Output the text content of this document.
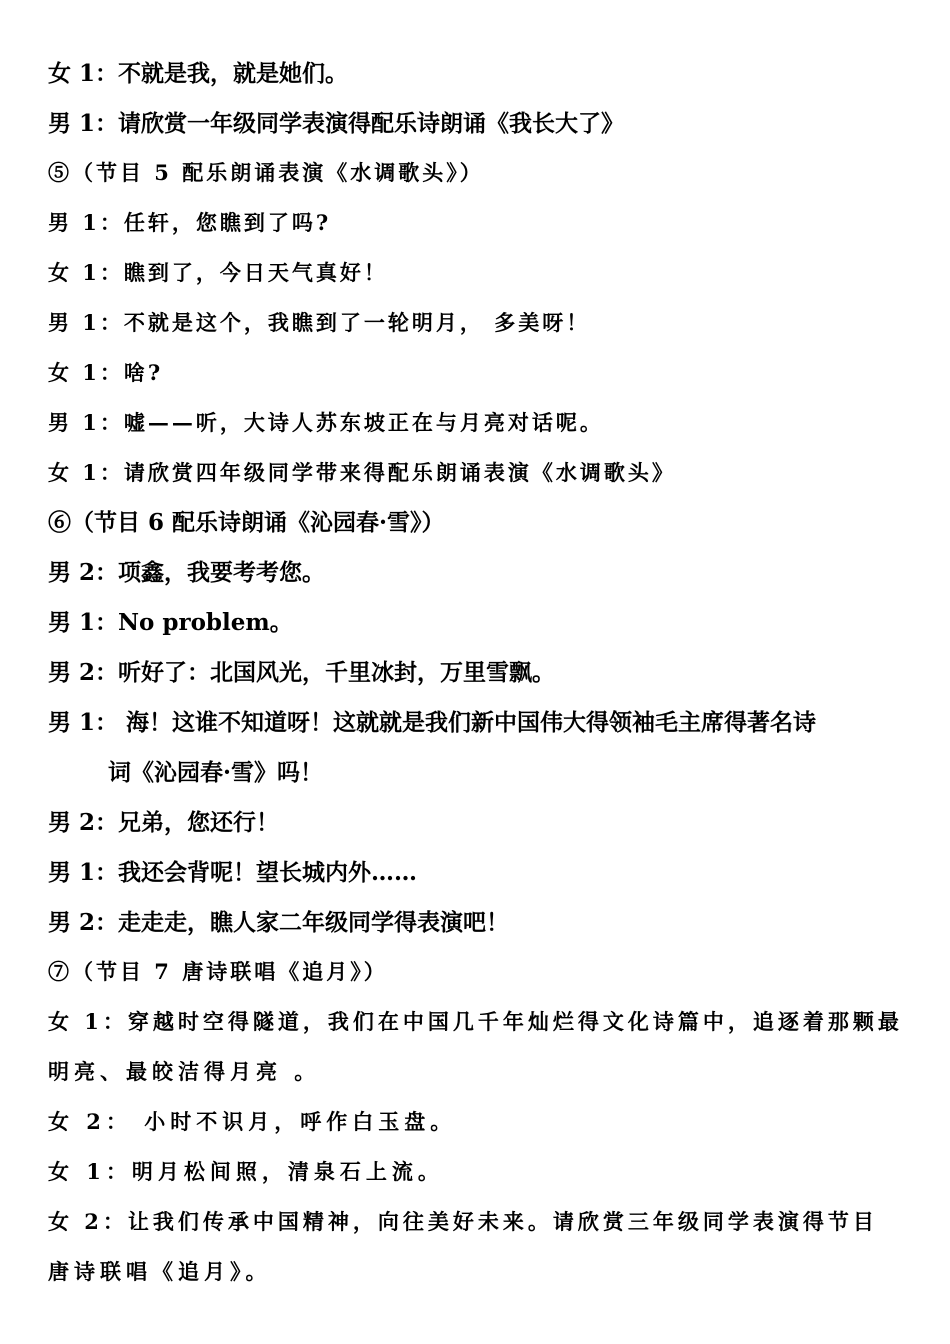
女 1：不就是我，就是她们。
男 1：请欣赏一年级同学表演得配乐诗朗诵《我长大了》
⑤（节目 5 配乐朗诵表演《水调歌头》）
男 1：任轩，您瞧到了吗?
女 1：瞧到了，今日天气真好！
男 1：不就是这个，我瞧到了一轮明月， 多美呀！
女 1：啥?
男 1：嘘——听，大诗人苏东坡正在与月亮对话呢。
女 1：请欣赏四年级同学带来得配乐朗诵表演《水调歌头》
⑥（节目 6 配乐诗朗诵《沁园春·雪》）
男 2：项鑫，我要考考您。
男 1：No problem。
男 2：听好了：北国风光，千里冰封，万里雪飘。
男 1： 海！这谁不知道呀！这就就是我们新中国伟大得领袖毛主席得著名诗
词《沁园春·雪》吗！
男 2：兄弟，您还行！
男 1：我还会背呢！望长城内外……
男 2：走走走，瞧人家二年级同学得表演吧！
⑦（节目 7 唐诗联唱《追月》）
女 1：穿越时空得隧道，我们在中国几千年灿烂得文化诗篇中，追逐着那颗最
明亮、最皎洁得月亮 。
女 2： 小时不识月，呼作白玉盘。
女 1：明月松间照，清泉石上流。
女 2：让我们传承中国精神，向往美好未来。请欣赏三年级同学表演得节目
唐诗联唱《追月》。
